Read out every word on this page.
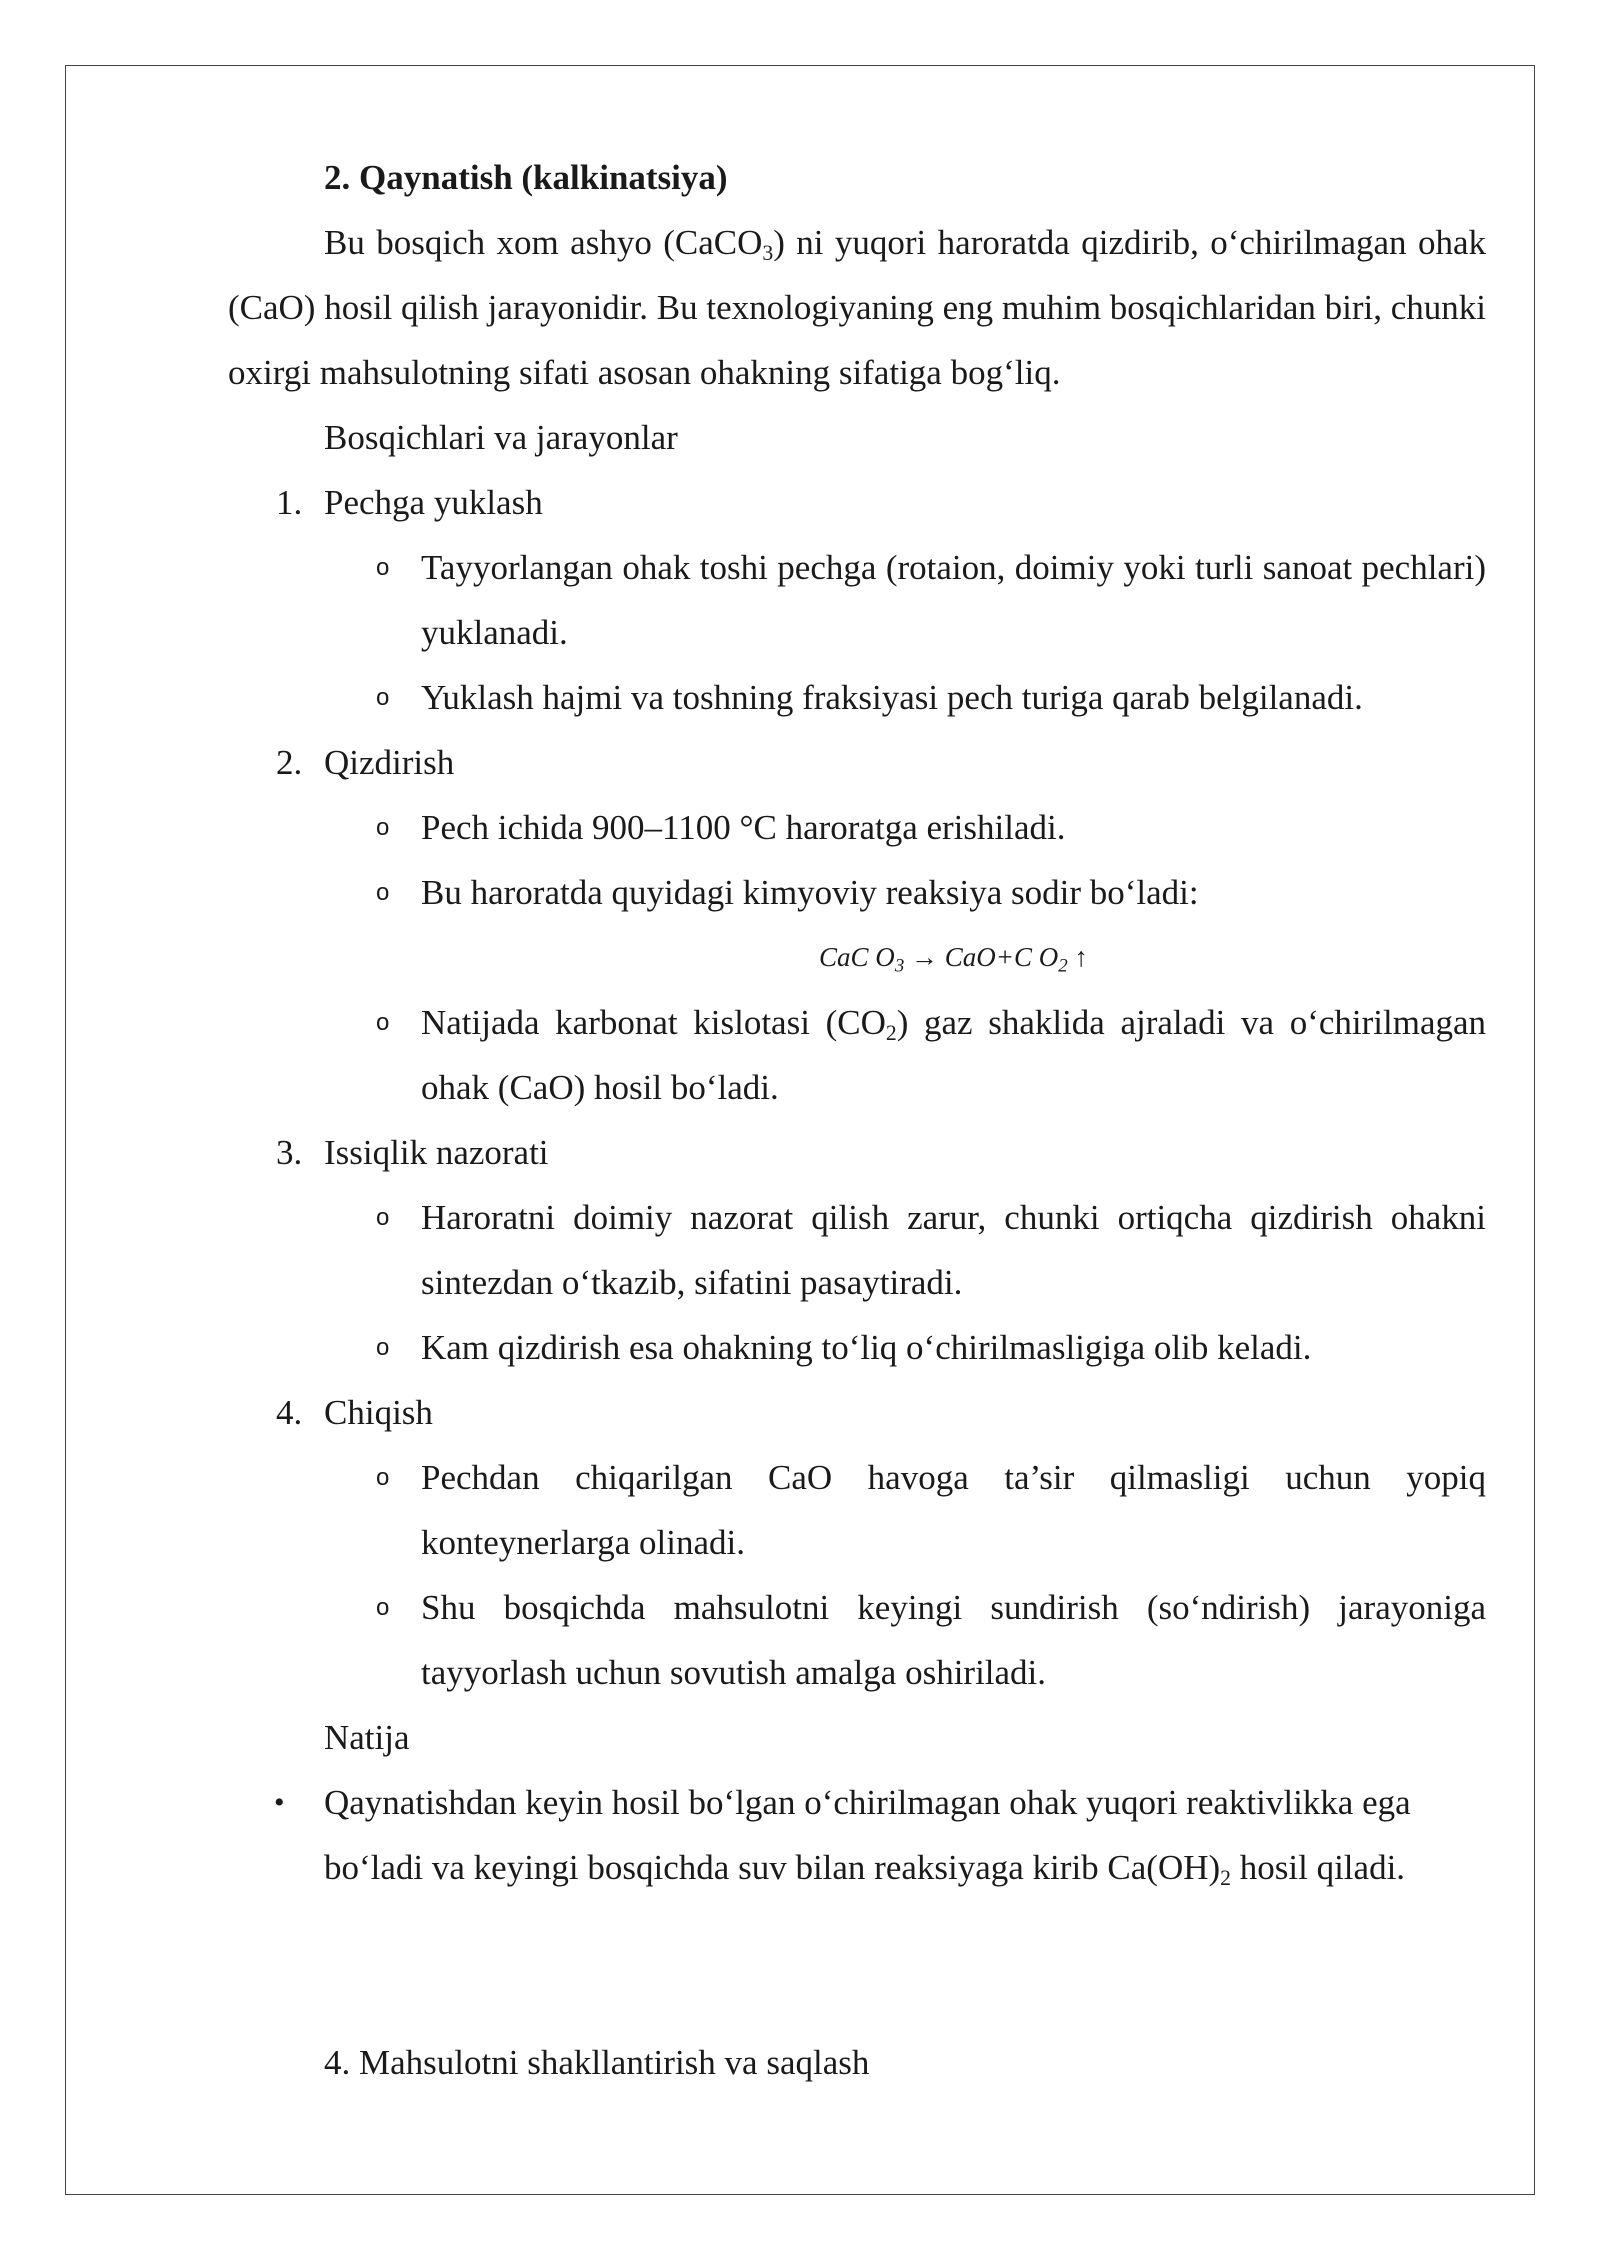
2. Qaynatish (kalkinatsiya)

Bu bosqich xom ashyo (CaCO$_3$) ni yuqori haroratda qizdirib, o‘chirilmagan ohak (CaO) hosil qilish jarayonidir. Bu texnologiyaning eng muhim bosqichlaridan biri, chunki oxirgi mahsulotning sifati asosan ohakning sifatiga bog‘liq.

Bosqichlari va jarayonlar

1. Pechga yuklash
o Tayyorlangan ohak toshi pechga (rotaion, doimiy yoki turli sanoat pechlari) yuklanadi.
o Yuklash hajmi va toshning fraksiyasi pech turiga qarab belgilanadi.
2. Qizdirish
o Pech ichida 900–1100 °C haroratga erishiladi.
o Bu haroratda quyidagi kimyoviy reaksiya sodir bo‘ladi:
CaC $O_3 \to CaO+C$ $O_2$ ↑
o Natijada karbonat kislotasi $(CO_2)$ gaz shaklida ajraladi va o‘chirilmagan ohak (CaO) hosil bo‘ladi.
3. Issiqlik nazorati
o Haroratni doimiy nazorat qilish zarur, chunki ortiqcha qizdirish ohakni sintezdan o‘tkazib, sifatini pasaytiradi.
o Kam qizdirish esa ohakning to‘liq o‘chirilmasligiga olib keladi.
4. Chiqish
o Pechdan chiqarilgan CaO havoga ta’sir qilmasligi uchun yopiq konteynerlarga olinadi.
o Shu bosqichda mahsulotni keyingi sundirish (so‘ndirish) jarayoniga tayyorlash uchun sovutish amalga oshiriladi.

Natija

• Qaynatishdan keyin hosil bo‘lgan o‘chirilmagan ohak yuqori reaktivlikka ega bo‘ladi va keyingi bosqichda suv bilan reaksiyaga kirib $Ca(OH)_2$ hosil qiladi.

4. Mahsulotni shakllantirish va saqlash
